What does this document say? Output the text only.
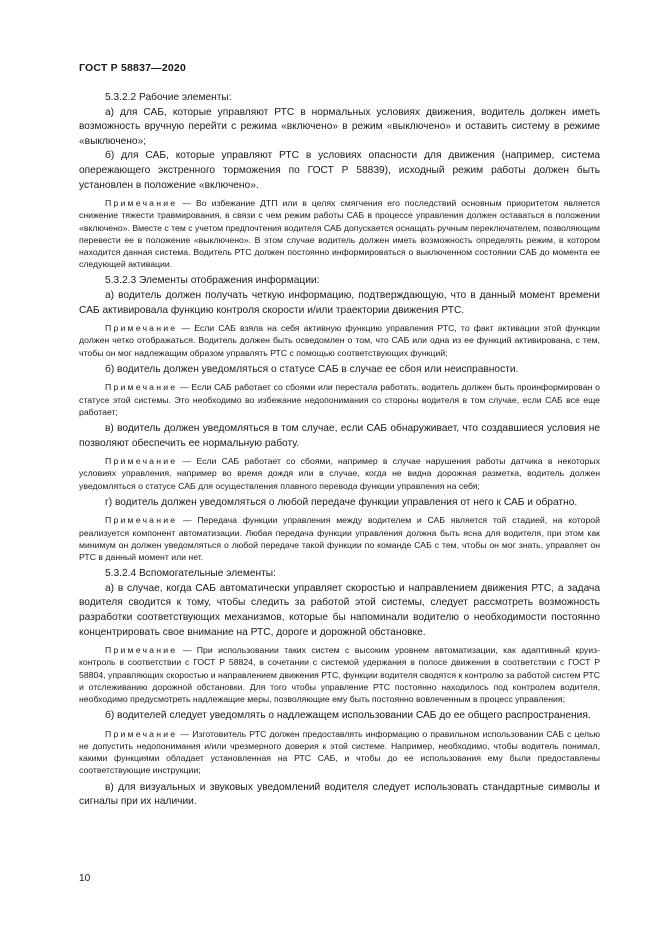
ГОСТ Р 58837—2020

5.3.2.2 Рабочие элементы:

а) для САБ, которые управляют РТС в нормальных условиях движения, водитель должен иметь возможность вручную перейти с режима «включено» в режим «выключено» и оставить систему в режиме «выключено»;

б) для САБ, которые управляют РТС в условиях опасности для движения (например, система опережающего экстренного торможения по ГОСТ Р 58839), исходный режим работы должен быть установлен в положение «включено».

Примечание — Во избежание ДТП или в целях смягчения его последствий основным приоритетом является снижение тяжести травмирования, в связи с чем режим работы САБ в процессе управления должен оставаться в положении «включено». Вместе с тем с учетом предпочтения водителя САБ допускается оснащать ручным переключателем, позволяющим перевести ее в положение «выключено». В этом случае водитель должен иметь возможность определять режим, в котором находится данная система. Водитель РТС должен постоянно информироваться о выключенном состоянии САБ до момента ее следующей активации.

5.3.2.3 Элементы отображения информации:

а) водитель должен получать четкую информацию, подтверждающую, что в данный момент времени САБ активировала функцию контроля скорости и/или траектории движения РТС.

Примечание — Если САБ взяла на себя активную функцию управления РТС, то факт активации этой функции должен четко отображаться. Водитель должен быть осведомлен о том, что САБ или одна из ее функций активирована, с тем, чтобы он мог надлежащим образом управлять РТС с помощью соответствующих функций;

б) водитель должен уведомляться о статусе САБ в случае ее сбоя или неисправности.

Примечание — Если САБ работает со сбоями или перестала работать, водитель должен быть проинформирован о статусе этой системы. Это необходимо во избежание недопонимания со стороны водителя в том случае, если САБ все еще работает;

в) водитель должен уведомляться в том случае, если САБ обнаруживает, что создавшиеся условия не позволяют обеспечить ее нормальную работу.

Примечание — Если САБ работает со сбоями, например в случае нарушения работы датчика в некоторых условиях управления, например во время дождя или в случае, когда не видна дорожная разметка, водитель должен уведомляться о статусе САБ для осуществления плавного перевода функции управления на себя;

г) водитель должен уведомляться о любой передаче функции управления от него к САБ и обратно.

Примечание — Передача функции управления между водителем и САБ является той стадией, на которой реализуется компонент автоматизации. Любая передача функции управления должна быть ясна для водителя, при этом как минимум он должен уведомляться о любой передаче такой функции по команде САБ с тем, чтобы он мог знать, управляет он РТС в данный момент или нет.

5.3.2.4 Вспомогательные элементы:

а) в случае, когда САБ автоматически управляет скоростью и направлением движения РТС, а задача водителя сводится к тому, чтобы следить за работой этой системы, следует рассмотреть возможность разработки соответствующих механизмов, которые бы напоминали водителю о необходимости постоянно концентрировать свое внимание на РТС, дороге и дорожной обстановке.

Примечание — При использовании таких систем с высоким уровнем автоматизации, как адаптивный круиз-контроль в соответствии с ГОСТ Р 58824, в сочетании с системой удержания в полосе движения в соответствии с ГОСТ Р 58804, управляющих скоростью и направлением движения РТС, функции водителя сводятся к контролю за работой систем РТС и отслеживанию дорожной обстановки. Для того чтобы управление РТС постоянно находилось под контролем водителя, необходимо предусмотреть надлежащие меры, позволяющие ему быть постоянно вовлеченным в процесс управления;

б) водителей следует уведомлять о надлежащем использовании САБ до ее общего распространения.

Примечание — Изготовитель РТС должен предоставлять информацию о правильном использовании САБ с целью не допустить недопонимания и/или чрезмерного доверия к этой системе. Например, необходимо, чтобы водитель понимал, какими функциями обладает установленная на РТС САБ, и чтобы до ее использования ему были предоставлены соответствующие инструкции;

в) для визуальных и звуковых уведомлений водителя следует использовать стандартные символы и сигналы при их наличии.

10
